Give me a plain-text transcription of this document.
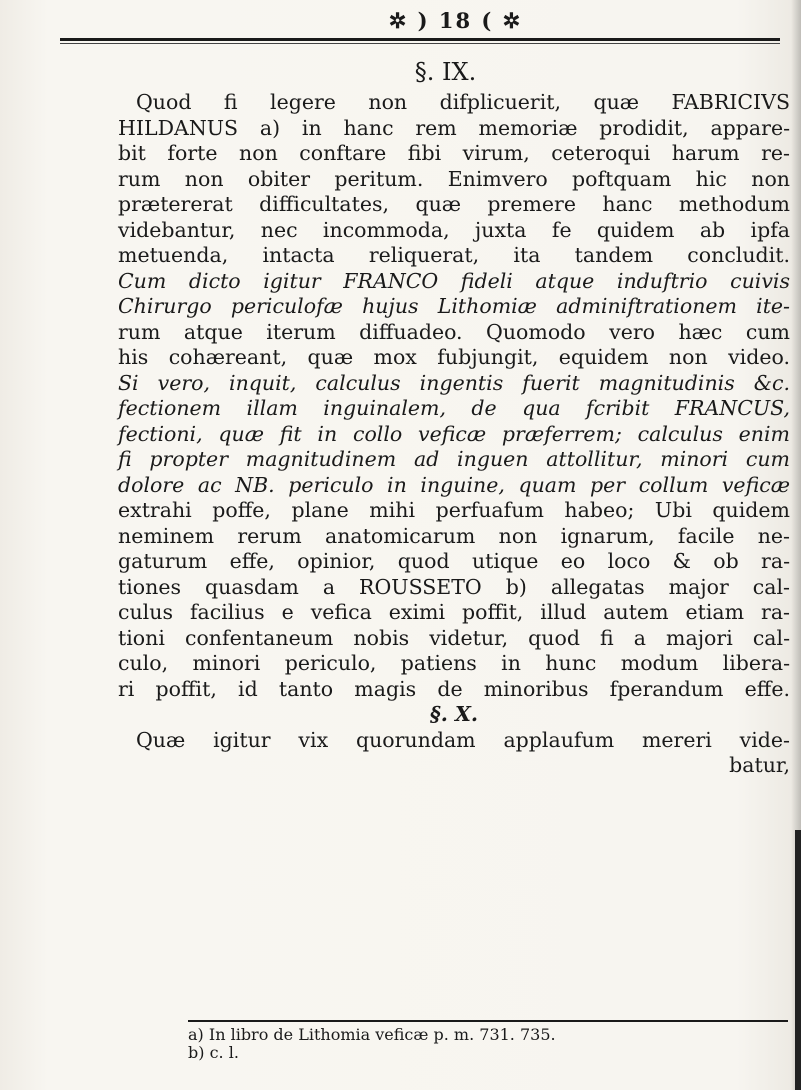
✲ ) 18 ( ✲
§. IX.
Quod fi legere non difplicuerit, quæ FABRICIVS
HILDANUS a) in hanc rem memoriæ prodidit, appare-
bit forte non conftare fibi virum, ceteroqui harum re-
rum non obiter peritum. Enimvero poftquam hic non
prætererat difficultates, quæ premere hanc methodum
videbantur, nec incommoda, juxta fe quidem ab ipfa
metuenda, intacta reliquerat, ita tandem concludit.
Cum dicto igitur FRANCO fideli atque induftrio cuivis
Chirurgo periculofæ hujus Lithomiæ adminiftrationem ite-
rum atque iterum diffuadeo. Quomodo vero hæc cum
his cohæreant, quæ mox fubjungit, equidem non video.
Si vero, inquit, calculus ingentis fuerit magnitudinis &c.
fectionem illam inguinalem, de qua fcribit FRANCUS,
fectioni, quæ fit in collo veficæ præferrem; calculus enim
fi propter magnitudinem ad inguen attollitur, minori cum
dolore ac NB. periculo in inguine, quam per collum veficæ
extrahi poffe, plane mihi perfuafum habeo; Ubi quidem
neminem rerum anatomicarum non ignarum, facile ne-
gaturum effe, opinior, quod utique eo loco & ob ra-
tiones quasdam a ROUSSETO b) allegatas major cal-
culus facilius e vefica eximi poffit, illud autem etiam ra-
tioni confentaneum nobis videtur, quod fi a majori cal-
culo, minori periculo, patiens in hunc modum libera-
ri poffit, id tanto magis de minoribus fperandum effe.
§. X.
Quæ igitur vix quorundam applaufum mereri vide-
batur,
a) In libro de Lithomia veficæ p. m. 731. 735.
b) c. l.
